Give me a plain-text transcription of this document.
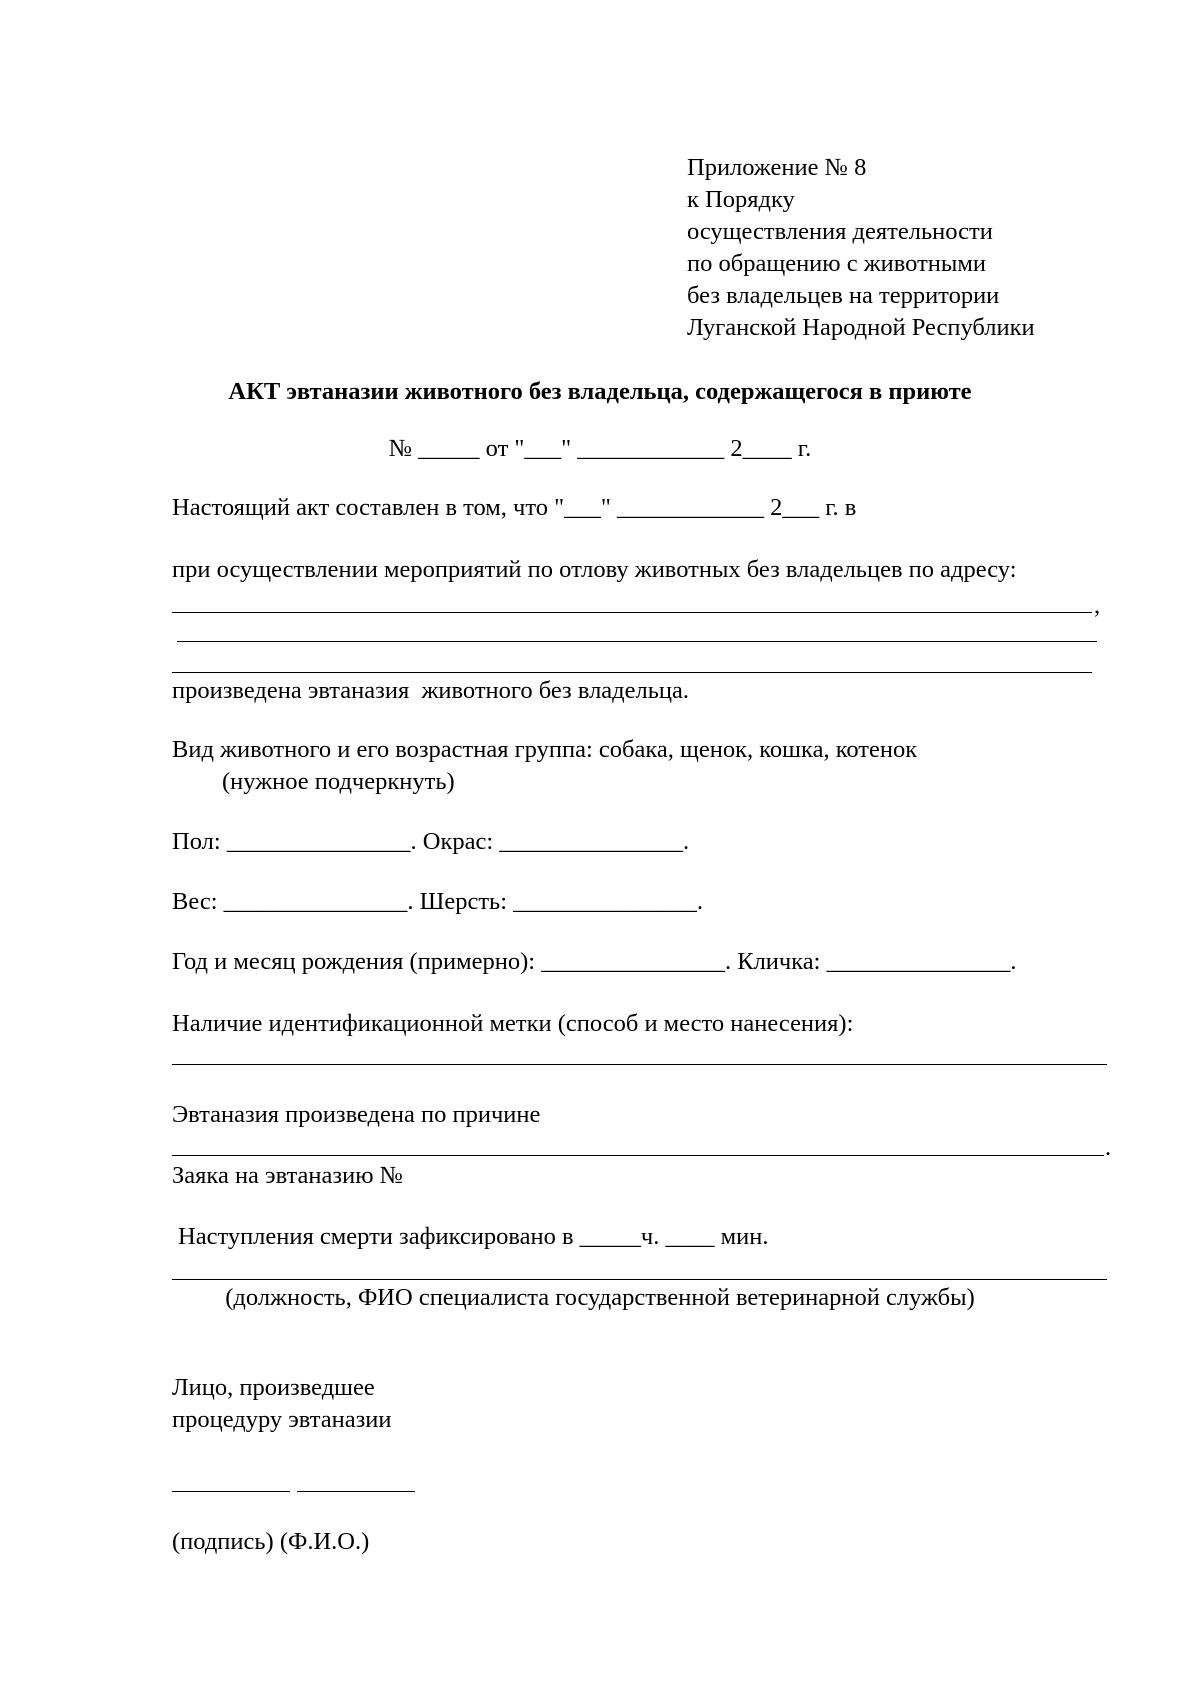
Приложение № 8
к Порядку
осуществления деятельности
по обращению с животными
без владельцев на территории
Луганской Народной Республики
АКТ эвтаназии животного без владельца, содержащегося в приюте
№ _____ от "___" ____________ 2____ г.
Настоящий акт составлен в том, что "___" ____________ 2___ г. в
при осуществлении мероприятий по отлову животных без владельцев по адресу:
,
произведена эвтаназия  животного без владельца.
Вид животного и его возрастная группа: собака, щенок, кошка, котенок
(нужное подчеркнуть)
Пол: _______________. Окрас: _______________.
Вес: _______________. Шерсть: _______________.
Год и месяц рождения (примерно): _______________. Кличка: _______________.
Наличие идентификационной метки (способ и место нанесения):
Эвтаназия произведена по причине
.
Заяка на эвтаназию №
Наступления смерти зафиксировано в _____ч. ____ мин.
(должность, ФИО специалиста государственной ветеринарной службы)
Лицо, произведшее
процедуру эвтаназии
(подпись) (Ф.И.О.)
